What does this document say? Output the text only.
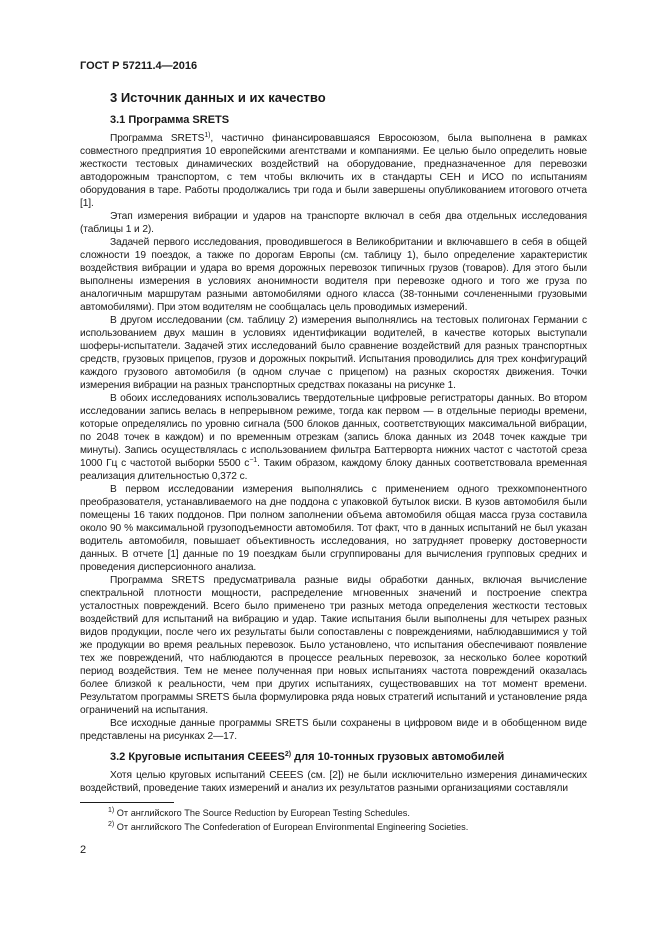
ГОСТ Р 57211.4—2016
3 Источник данных и их качество
3.1 Программа SRETS

Программа SRETS$^{1)}$, частично финансировавшаяся Евросоюзом, была выполнена в рамках совместного предприятия 10 европейскими агентствами и компаниями. Ее целью было определить новые жесткости тестовых динамических воздействий на оборудование, предназначенное для перевозки автодорожным транспортом, с тем чтобы включить их в стандарты СЕН и ИСО по испытаниям оборудования в таре. Работы продолжались три года и были завершены опубликованием итогового отчета [1].

Этап измерения вибрации и ударов на транспорте включал в себя два отдельных исследования (таблицы 1 и 2).

Задачей первого исследования, проводившегося в Великобритании и включавшего в себя в общей сложности 19 поездок, а также по дорогам Европы (см. таблицу 1), было определение характеристик воздействия вибрации и удара во время дорожных перевозок типичных грузов (товаров). Для этого были выполнены измерения в условиях анонимности водителя при перевозке одного и того же груза по аналогичным маршрутам разными автомобилями одного класса (38-тонными сочлененными грузовыми автомобилями). При этом водителям не сообщалась цель проводимых измерений.

В другом исследовании (см. таблицу 2) измерения выполнялись на тестовых полигонах Германии с использованием двух машин в условиях идентификации водителей, в качестве которых выступали шоферы-испытатели. Задачей этих исследований было сравнение воздействий для разных транспортных средств, грузовых прицепов, грузов и дорожных покрытий. Испытания проводились для трех конфигураций каждого грузового автомобиля (в одном случае с прицепом) на разных скоростях движения. Точки измерения вибрации на разных транспортных средствах показаны на рисунке 1.

В обоих исследованиях использовались твердотельные цифровые регистраторы данных. Во втором исследовании запись велась в непрерывном режиме, тогда как первом — в отдельные периоды времени, которые определялись по уровню сигнала (500 блоков данных, соответствующих максимальной вибрации, по 2048 точек в каждом) и по временным отрезкам (запись блока данных из 2048 точек каждые три минуты). Запись осуществлялась с использованием фильтра Баттерворта нижних частот с частотой среза 1000 Гц с частотой выборки 5500 $с^{-1}$. Таким образом, каждому блоку данных соответствовала временная реализация длительностью 0,372 с.

В первом исследовании измерения выполнялись с применением одного трехкомпонентного преобразователя, устанавливаемого на дне поддона с упаковкой бутылок виски. В кузов автомобиля были помещены 16 таких поддонов. При полном заполнении объема автомобиля общая масса груза составила около 90 % максимальной грузоподъемности автомобиля. Тот факт, что в данных испытаний не был указан водитель автомобиля, повышает объективность исследования, но затрудняет проверку достоверности данных. В отчете [1] данные по 19 поездкам были сгруппированы для вычисления групповых средних и проведения дисперсионного анализа.

Программа SRETS предусматривала разные виды обработки данных, включая вычисление спектральной плотности мощности, распределение мгновенных значений и построение спектра усталостных повреждений. Всего было применено три разных метода определения жесткости тестовых воздействий для испытаний на вибрацию и удар. Такие испытания были выполнены для четырех разных видов продукции, после чего их результаты были сопоставлены с повреждениями, наблюдавшимися у той же продукции во время реальных перевозок. Было установлено, что испытания обеспечивают появление тех же повреждений, что наблюдаются в процессе реальных перевозок, за несколько более короткий период воздействия. Тем не менее полученная при новых испытаниях частота повреждений оказалась более близкой к реальности, чем при других испытаниях, существовавших на тот момент времени. Результатом программы SRETS была формулировка ряда новых стратегий испытаний и установление ряда ограничений на испытания.

Все исходные данные программы SRETS были сохранены в цифровом виде и в обобщенном виде представлены на рисунках 2—17.

3.2 Круговые испытания CEEES$^{2)}$ для 10-тонных грузовых автомобилей

Хотя целью круговых испытаний CEEES (см. [2]) не были исключительно измерения динамических воздействий, проведение таких измерений и анализ их результатов разными организациями составляли

$^{1)}$ От английского The Source Reduction by European Testing Schedules.
$^{2)}$ От английского The Confederation of European Environmental Engineering Societies.
2
